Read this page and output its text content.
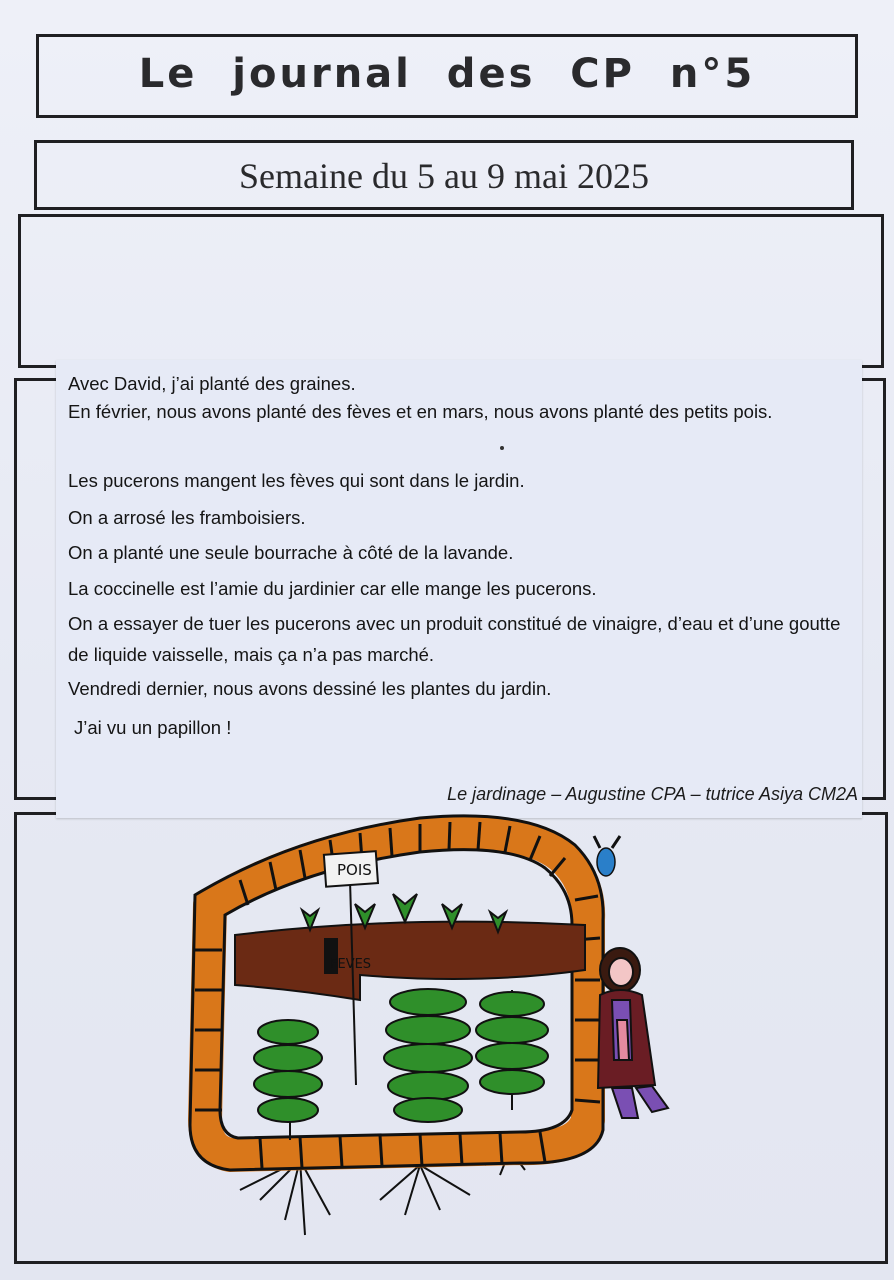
Le journal des CP n°5
Semaine du 5 au 9 mai 2025

Avec David, j’ai planté des graines.

En février, nous avons planté des fèves et en mars, nous avons planté des petits pois.

Les pucerons mangent les fèves qui sont dans le jardin.

On a arrosé les framboisiers.

On a planté une seule bourrache à côté de la lavande.

La coccinelle est l’amie du jardinier car elle mange les pucerons.

On a essayer de tuer les pucerons avec un produit constitué de vinaigre, d’eau et d’une goutte de liquide vaisselle, mais ça n’a pas marché.

Vendredi dernier, nous avons dessiné les plantes du jardin.

J’ai vu un papillon !

Le jardinage – Augustine CPA – tutrice Asiya CM2A
POIS
FEVES
